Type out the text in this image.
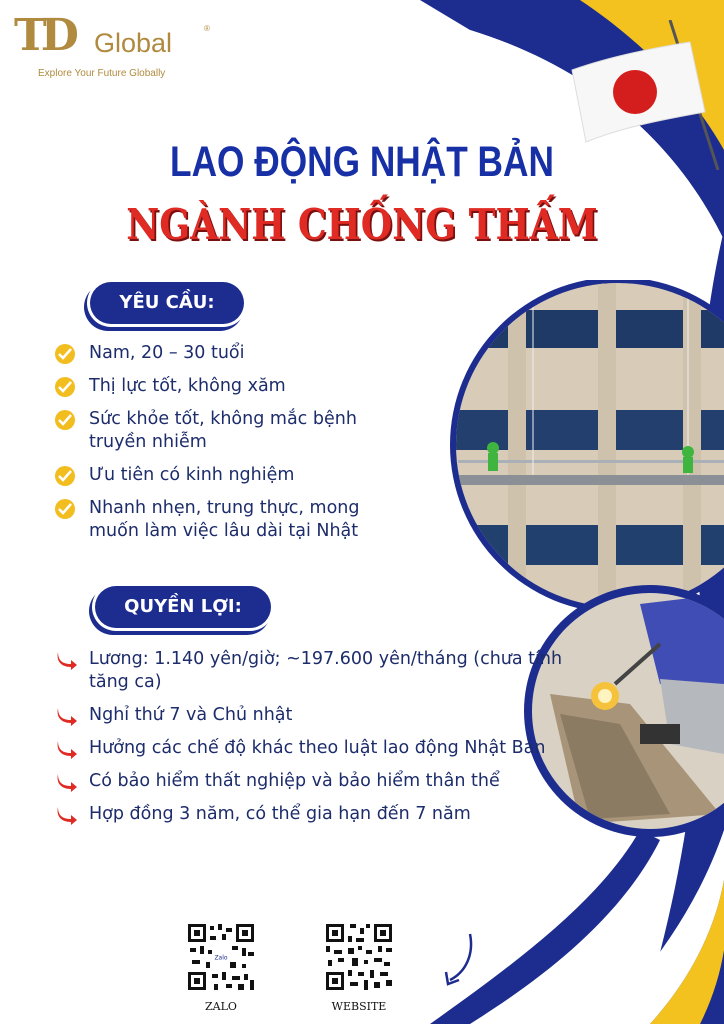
TD Global	®
Explore Your Future Globally
LAO ĐỘNG NHẬT BẢN
NGÀNH CHỐNG THẤM
YÊU CẦU:
Nam, 20 – 30 tuổi
Thị lực tốt, không xăm
Sức khỏe tốt, không mắc bệnh truyền nhiễm
Ưu tiên có kinh nghiệm
Nhanh nhẹn, trung thực, mong muốn làm việc lâu dài tại Nhật
QUYỀN LỢI:
Lương: 1.140 yên/giờ; ~197.600 yên/tháng (chưa tính tăng ca)
Nghỉ thứ 7 và Chủ nhật
Hưởng các chế độ khác theo luật lao động Nhật Bản
Có bảo hiểm thất nghiệp và bảo hiểm thân thể
Hợp đồng 3 năm, có thể gia hạn đến 7 năm
Zalo
ZALO	WEBSITE
